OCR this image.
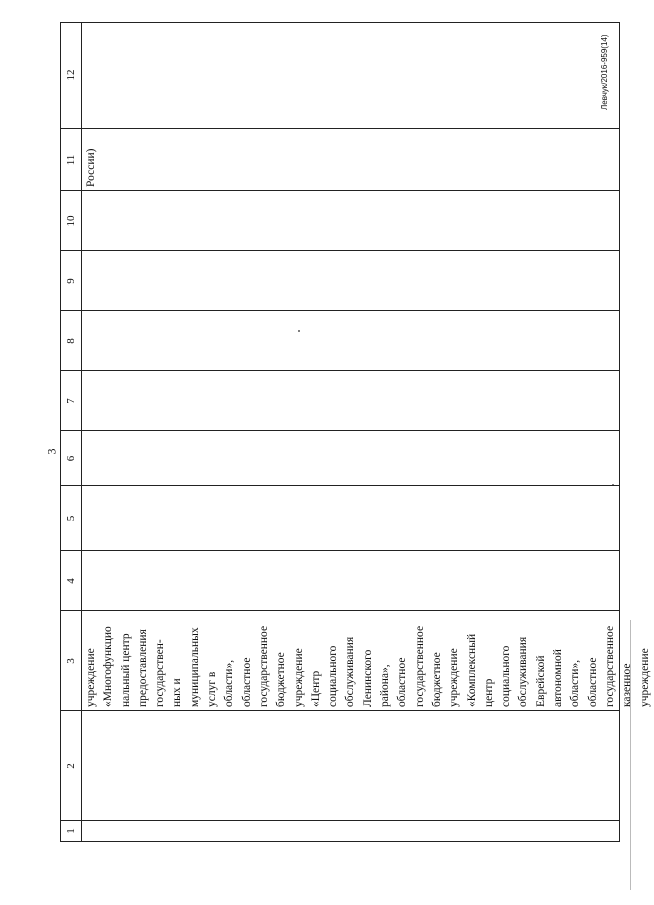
3
1
2
3
4
5
6
7
8
9
10
11
12
учреждение «Многофункцио нальный центр предоставления государствен- ных и муниципальных услуг в области», областное государственное бюджетное учреждение «Центр социального обслуживания Ленинского района», областное государственное бюджетное учреждение «Комплексный центр социального обслуживания Еврейской автономной области», областное государственное казенное учреждение
России)
Левчук/2016-959(14)
